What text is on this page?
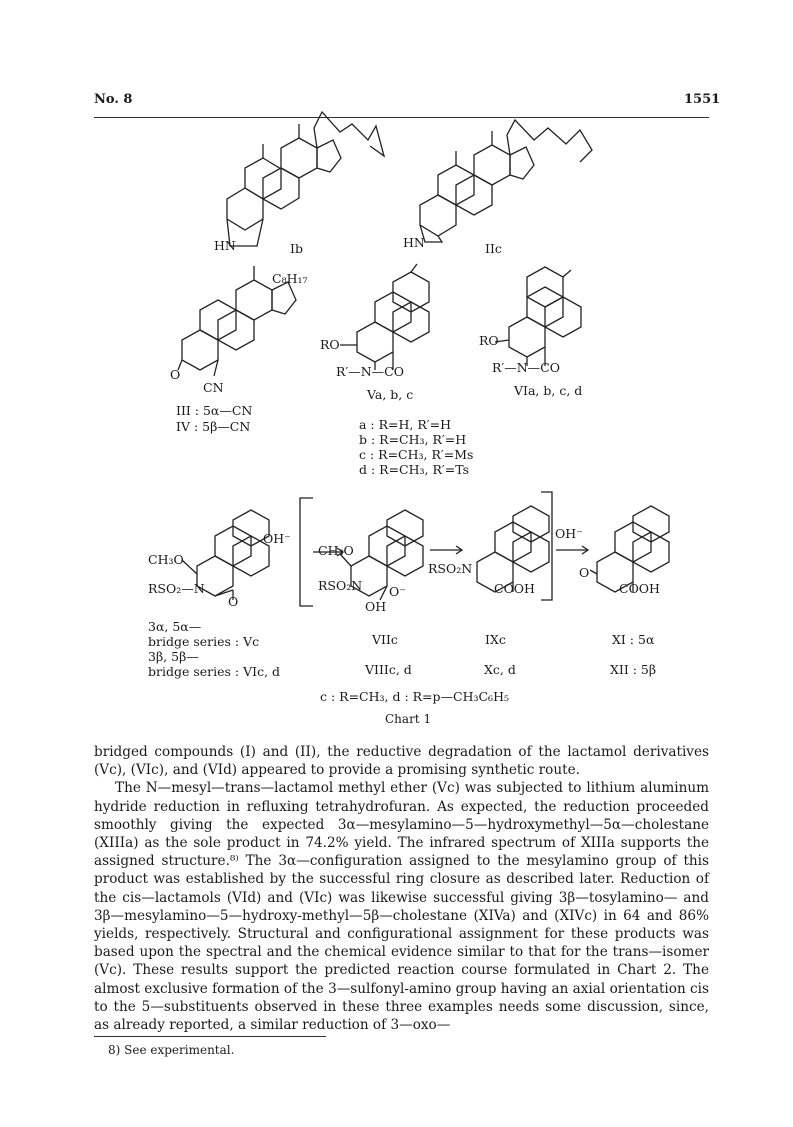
No. 8	1551
HN	Ib	HN	IIc
C₈H₁₇
O
CN
III : 5α—CN
IV : 5β—CN
RO
R′—N—CO
Va, b, c
RO
R′—N—CO
VIa, b, c, d
a : R=H, R′=H
b : R=CH₃, R′=H
c : R=CH₃, R′=Ms
d : R=CH₃, R′=Ts
CH₃O
RSO₂—N
O
OH⁻
CH₃O
RSO₂N O⁻
OH
RSO₂N
COOH
OH⁻
O
COOH
3α, 5α—
bridge series : Vc
3β, 5β—
bridge series : VIc, d
VIIc
VIIIc, d
IXc
Xc, d
XI : 5α
XII : 5β
c : R=CH₃, d : R=p—CH₃C₆H₅
Chart 1

bridged compounds (I) and (II), the reductive degradation of the lactamol derivatives (Vc), (VIc), and (VId) appeared to provide a promising synthetic route.

The N—mesyl—trans—lactamol methyl ether (Vc) was subjected to lithium aluminum hydride reduction in refluxing tetrahydrofuran. As expected, the reduction proceeded smoothly giving the expected 3α—mesylamino—5—hydroxymethyl—5α—cholestane (XIIIa) as the sole product in 74.2% yield. The infrared spectrum of XIIIa supports the assigned structure.⁸⁾ The 3α—configuration assigned to the mesylamino group of this product was established by the successful ring closure as described later. Reduction of the cis—lactamols (VId) and (VIc) was likewise successful giving 3β—tosylamino— and 3β—mesylamino—5—hydroxy-methyl—5β—cholestane (XIVa) and (XIVc) in 64 and 86% yields, respectively. Structural and configurational assignment for these products was based upon the spectral and the chemical evidence similar to that for the trans—isomer (Vc). These results support the predicted reaction course formulated in Chart 2. The almost exclusive formation of the 3—sulfonyl-amino group having an axial orientation cis to the 5—substituents observed in these three examples needs some discussion, since, as already reported, a similar reduction of 3—oxo—

8) See experimental.
